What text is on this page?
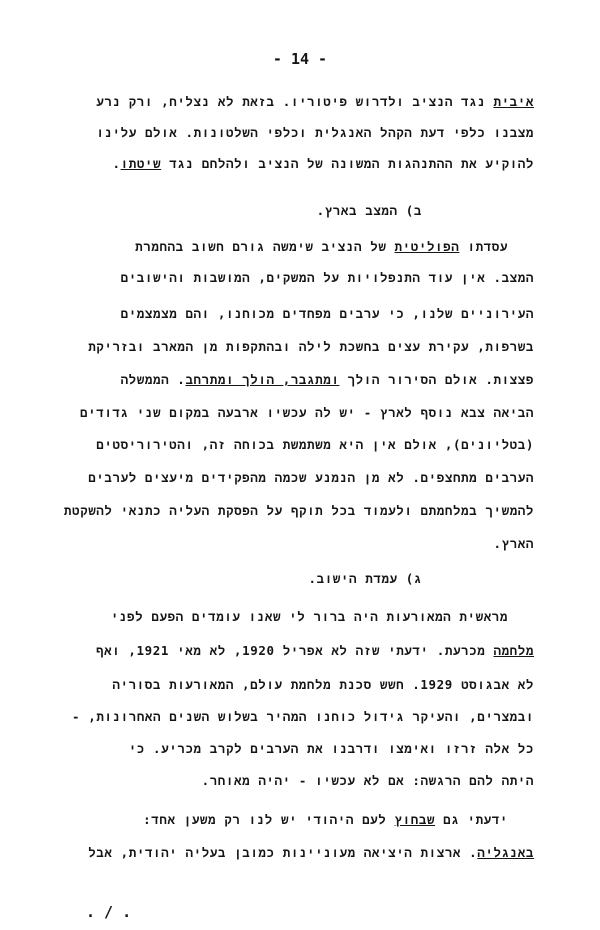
- 14 -
איבית נגד הנציב ולדרוש פיטוריו. בזאת לא נצליח, ורק נרע
מצבנו כלפי דעת הקהל האנגלית וכלפי השלטונות. אולם עלינו
להוקיע את ההתנהגות המשונה של הנציב ולהלחם נגד שיטתו.
ב) המצב בארץ.
עסדתו הפוליטית של הנציב שימשה גורם חשוב בהחמרת
המצב. אין עוד התנפלויות על המשקים, המושבות והישובים
העירוניים שלנו, כי ערבים מפחדים מכוחנו, והם מצמצמים
בשרפות, עקירת עצים בחשכת לילה ובהתקפות מן המארב ובזריקת
פצצות. אולם הסירור הולך ומתגבר, הולך ומתרחב. הממשלה
הביאה צבא נוסף לארץ - יש לה עכשיו ארבעה במקום שני גדודים
(בטליונים), אולם אין היא משתמשת בכוחה זה, והטירוריסטים
הערבים מתחצפים. לא מן הנמנע שכמה מהפקידים מיעצים לערבים
להמשיך במלחמתם ולעמוד בכל תוקף על הפסקת העליה כתנאי להשקטת
הארץ.
ג) עמדת הישוב.
מראשית המאורעות היה ברור לי שאנו עומדים הפעם לפני
מלחמה מכרעת. ידעתי שזה לא אפריל 1920, לא מאי 1921, ואף
לא אבגוסט 1929. חשש סכנת מלחמת עולם, המאורעות בסוריה
ובמצרים, והעיקר גידול כוחנו המהיר בשלוש השנים האחרונות, -
כל אלה זרזו ואימצו ודרבנו את הערבים לקרב מכריע. כי
היתה להם הרגשה: אם לא עכשיו - יהיה מאוחר.
ידעתי גם שבחוץ לעם היהודי יש לנו רק משען אחד:
באנגליה. ארצות היציאה מעוניינות כמובן בעליה יהודית, אבל
. / .
